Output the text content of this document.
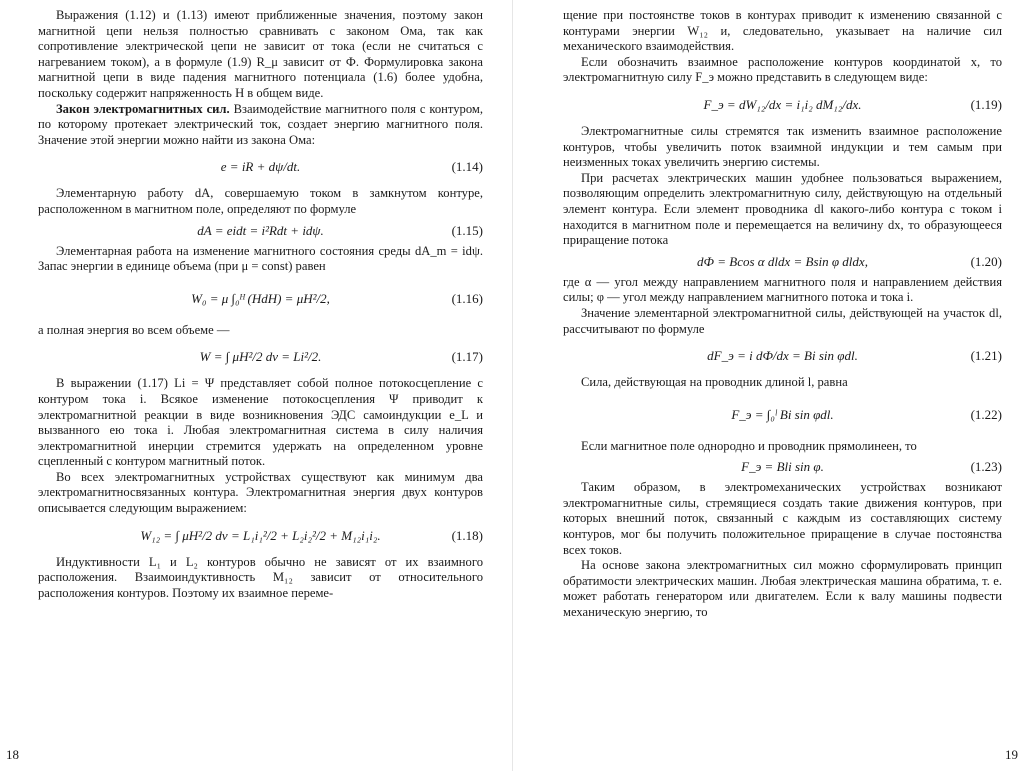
Выражения (1.12) и (1.13) имеют приближенные значения, поэтому закон магнитной цепи нельзя полностью сравнивать с законом Ома, так как сопротивление электрической цепи не зависит от тока (если не считаться с нагреванием током), а в формуле (1.9) R_μ зависит от Ф. Формулировка закона магнитной цепи в виде падения магнитного потенциала (1.6) более удобна, поскольку содержит напряженность H в общем виде.

Закон электромагнитных сил. Взаимодействие магнитного поля с контуром, по которому протекает электрический ток, создает энергию магнитного поля. Значение этой энергии можно найти из закона Ома:

e = iR + dψ/dt.	(1.14)

Элементарную работу dA, совершаемую током в замкнутом контуре, расположенном в магнитном поле, определяют по формуле

dA = eidt = i²Rdt + idψ.	(1.15)

Элементарная работа на изменение магнитного состояния среды dA_m = idψ. Запас энергии в единице объема (при μ = const) равен

W₀ = μ ∫₀ᴴ (HdH) = μH²/2,	(1.16)

а полная энергия во всем объеме —

W = ∫ μH²/2 dv = Li²/2.	(1.17)

В выражении (1.17) Li = Ψ представляет собой полное потокосцепление с контуром тока i. Всякое изменение потокосцепления Ψ приводит к электромагнитной реакции в виде возникновения ЭДС самоиндукции e_L и вызванного ею тока i. Любая электромагнитная система в силу наличия электромагнитной инерции стремится удержать на определенном уровне сцепленный с контуром магнитный поток.

Во всех электромагнитных устройствах существуют как минимум два электромагнитносвязанных контура. Электромагнитная энергия двух контуров описывается следующим выражением:

W₁₂ = ∫ μH²/2 dv = L₁i₁²/2 + L₂i₂²/2 + M₁₂i₁i₂.	(1.18)

Индуктивности L₁ и L₂ контуров обычно не зависят от их взаимного расположения. Взаимоиндуктивность M₁₂ зависит от относительного расположения контуров. Поэтому их взаимное переме-

18

щение при постоянстве токов в контурах приводит к изменению связанной с контурами энергии W₁₂ и, следовательно, указывает на наличие сил механического взаимодействия.

Если обозначить взаимное расположение контуров координатой x, то электромагнитную силу F_э можно представить в следующем виде:

F_э = dW₁₂/dx = i₁i₂ dM₁₂/dx.	(1.19)

Электромагнитные силы стремятся так изменить взаимное расположение контуров, чтобы увеличить поток взаимной индукции и тем самым при неизменных токах увеличить энергию системы.

При расчетах электрических машин удобнее пользоваться выражением, позволяющим определить электромагнитную силу, действующую на отдельный элемент контура. Если элемент проводника dl какого-либо контура с током i находится в магнитном поле и перемещается на величину dx, то образующееся приращение потока

dФ = Bcos α dldx = Bsin φ dldx,	(1.20)

где α — угол между направлением магнитного поля и направлением действия силы; φ — угол между направлением магнитного потока и тока i.

Значение элементарной электромагнитной силы, действующей на участок dl, рассчитывают по формуле

dF_э = i dФ/dx = Bi sin φdl.	(1.21)

Сила, действующая на проводник длиной l, равна

F_э = ∫₀ˡ Bi sin φdl.	(1.22)

Если магнитное поле однородно и проводник прямолинеен, то

F_э = Bli sin φ.	(1.23)

Таким образом, в электромеханических устройствах возникают электромагнитные силы, стремящиеся создать такие движения контуров, при которых внешний поток, связанный с каждым из составляющих систему контуров, мог бы получить положительное приращение в случае постоянства всех токов.

На основе закона электромагнитных сил можно сформулировать принцип обратимости электрических машин. Любая электрическая машина обратима, т. е. может работать генератором или двигателем. Если к валу машины подвести механическую энергию, то

19
